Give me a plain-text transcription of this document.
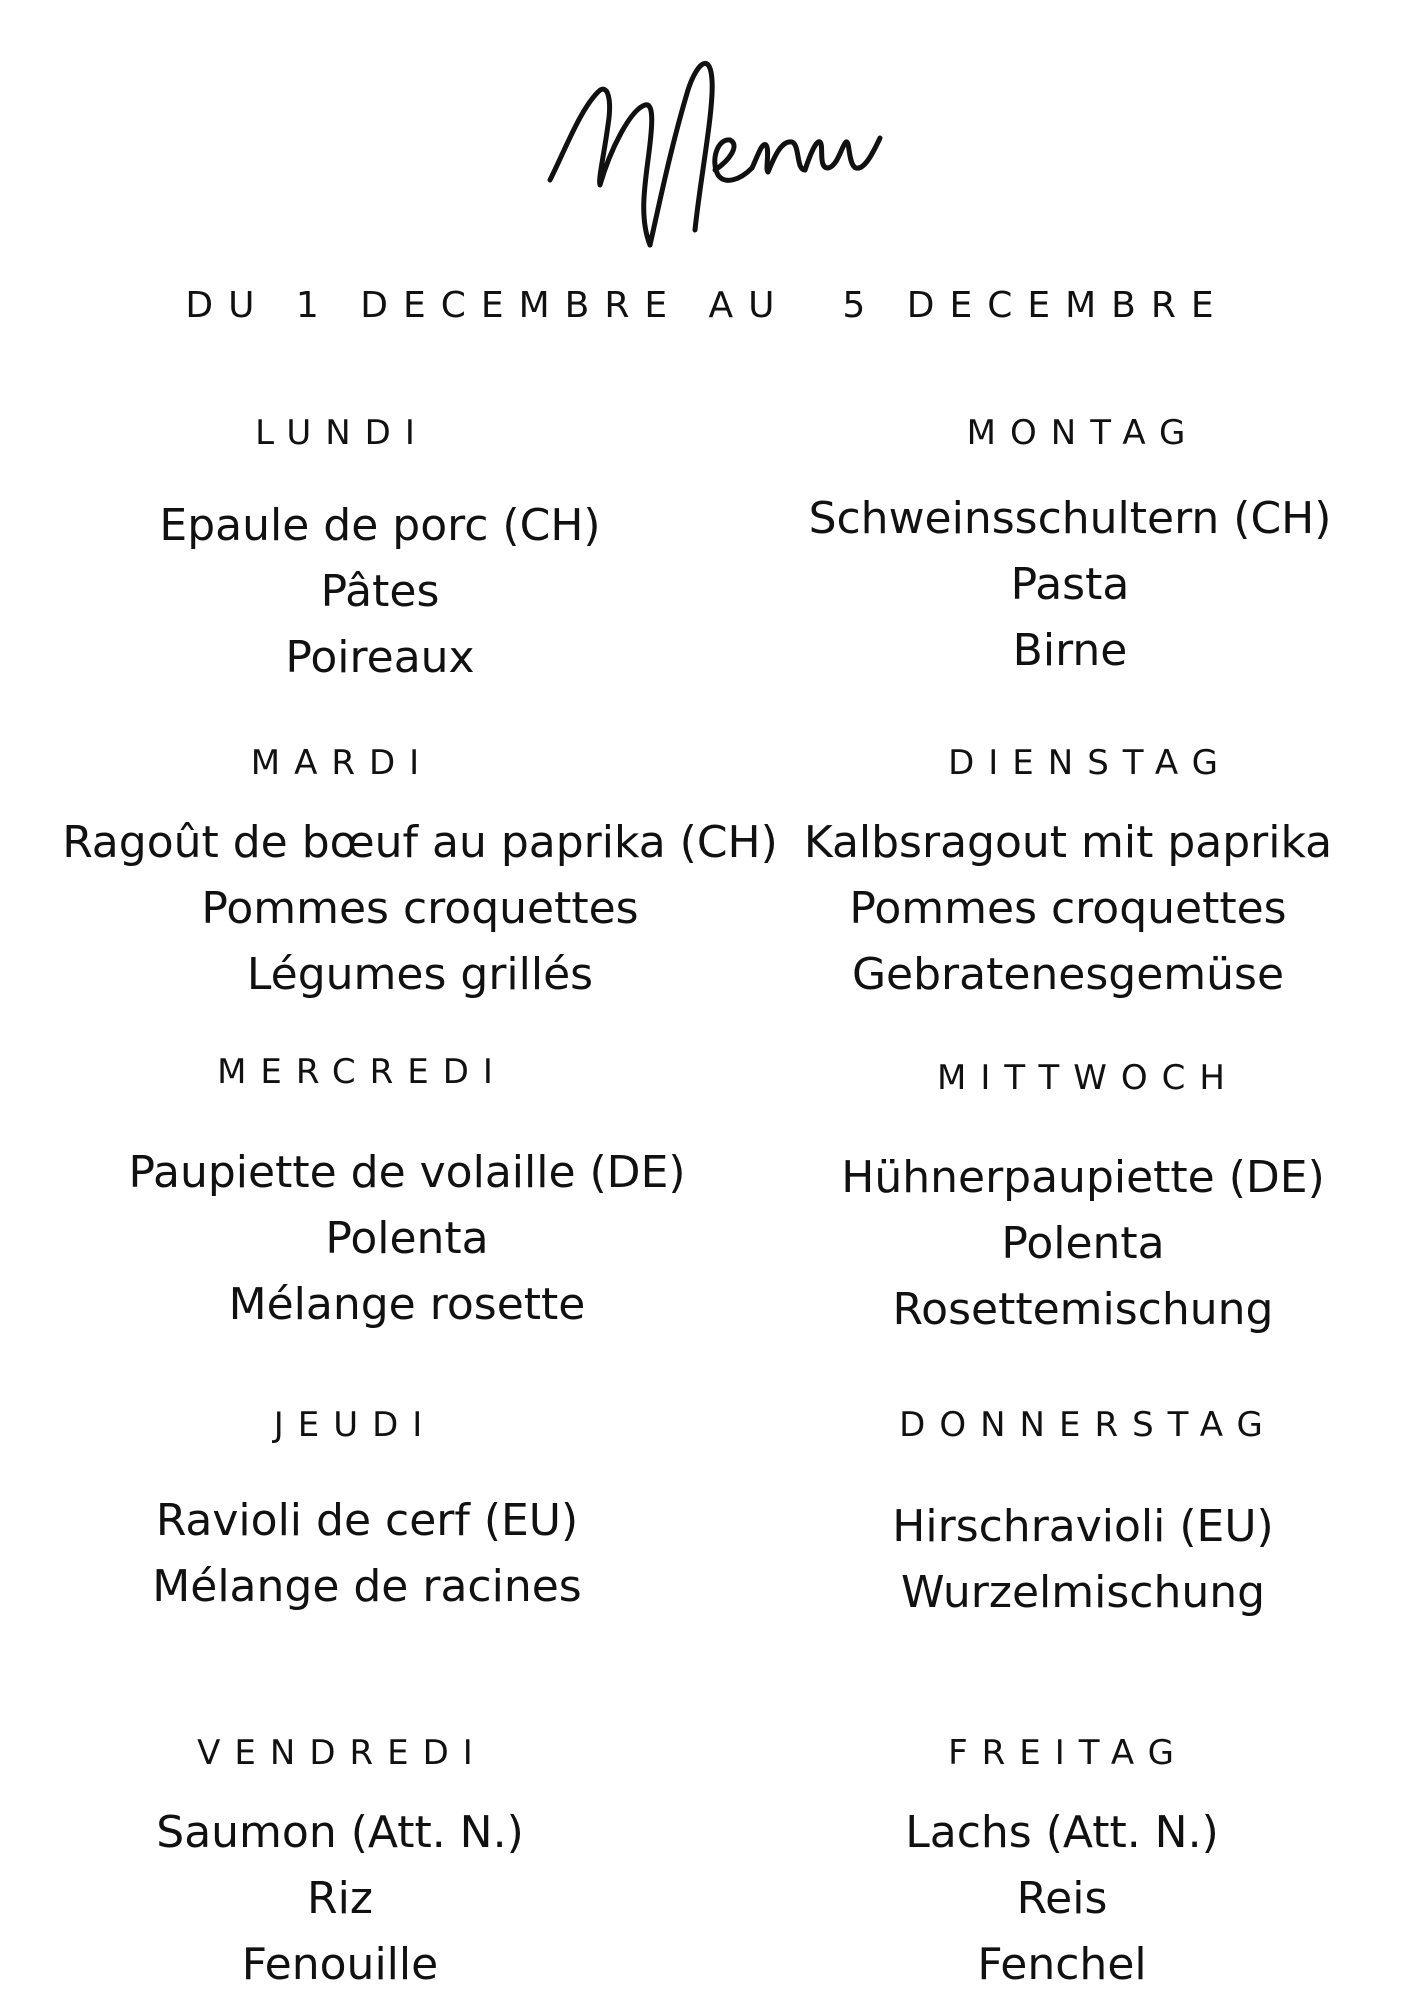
DU 1 DECEMBRE AU  5 DECEMBRE
LUNDI
Epaule de porc (CH)
Pâtes
Poireaux
MONTAG
Schweinsschultern (CH)
Pasta
Birne
MARDI
Ragoût de bœuf au paprika (CH)
Pommes croquettes
Légumes grillés
DIENSTAG
Kalbsragout mit paprika
Pommes croquettes
Gebratenesgemüse
MERCREDI
Paupiette de volaille (DE)
Polenta
Mélange rosette
MITTWOCH
Hühnerpaupiette (DE)
Polenta
Rosettemischung
JEUDI
Ravioli de cerf (EU)
Mélange de racines
DONNERSTAG
Hirschravioli (EU)
Wurzelmischung
VENDREDI
Saumon (Att. N.)
Riz
Fenouille
FREITAG
Lachs (Att. N.)
Reis
Fenchel
